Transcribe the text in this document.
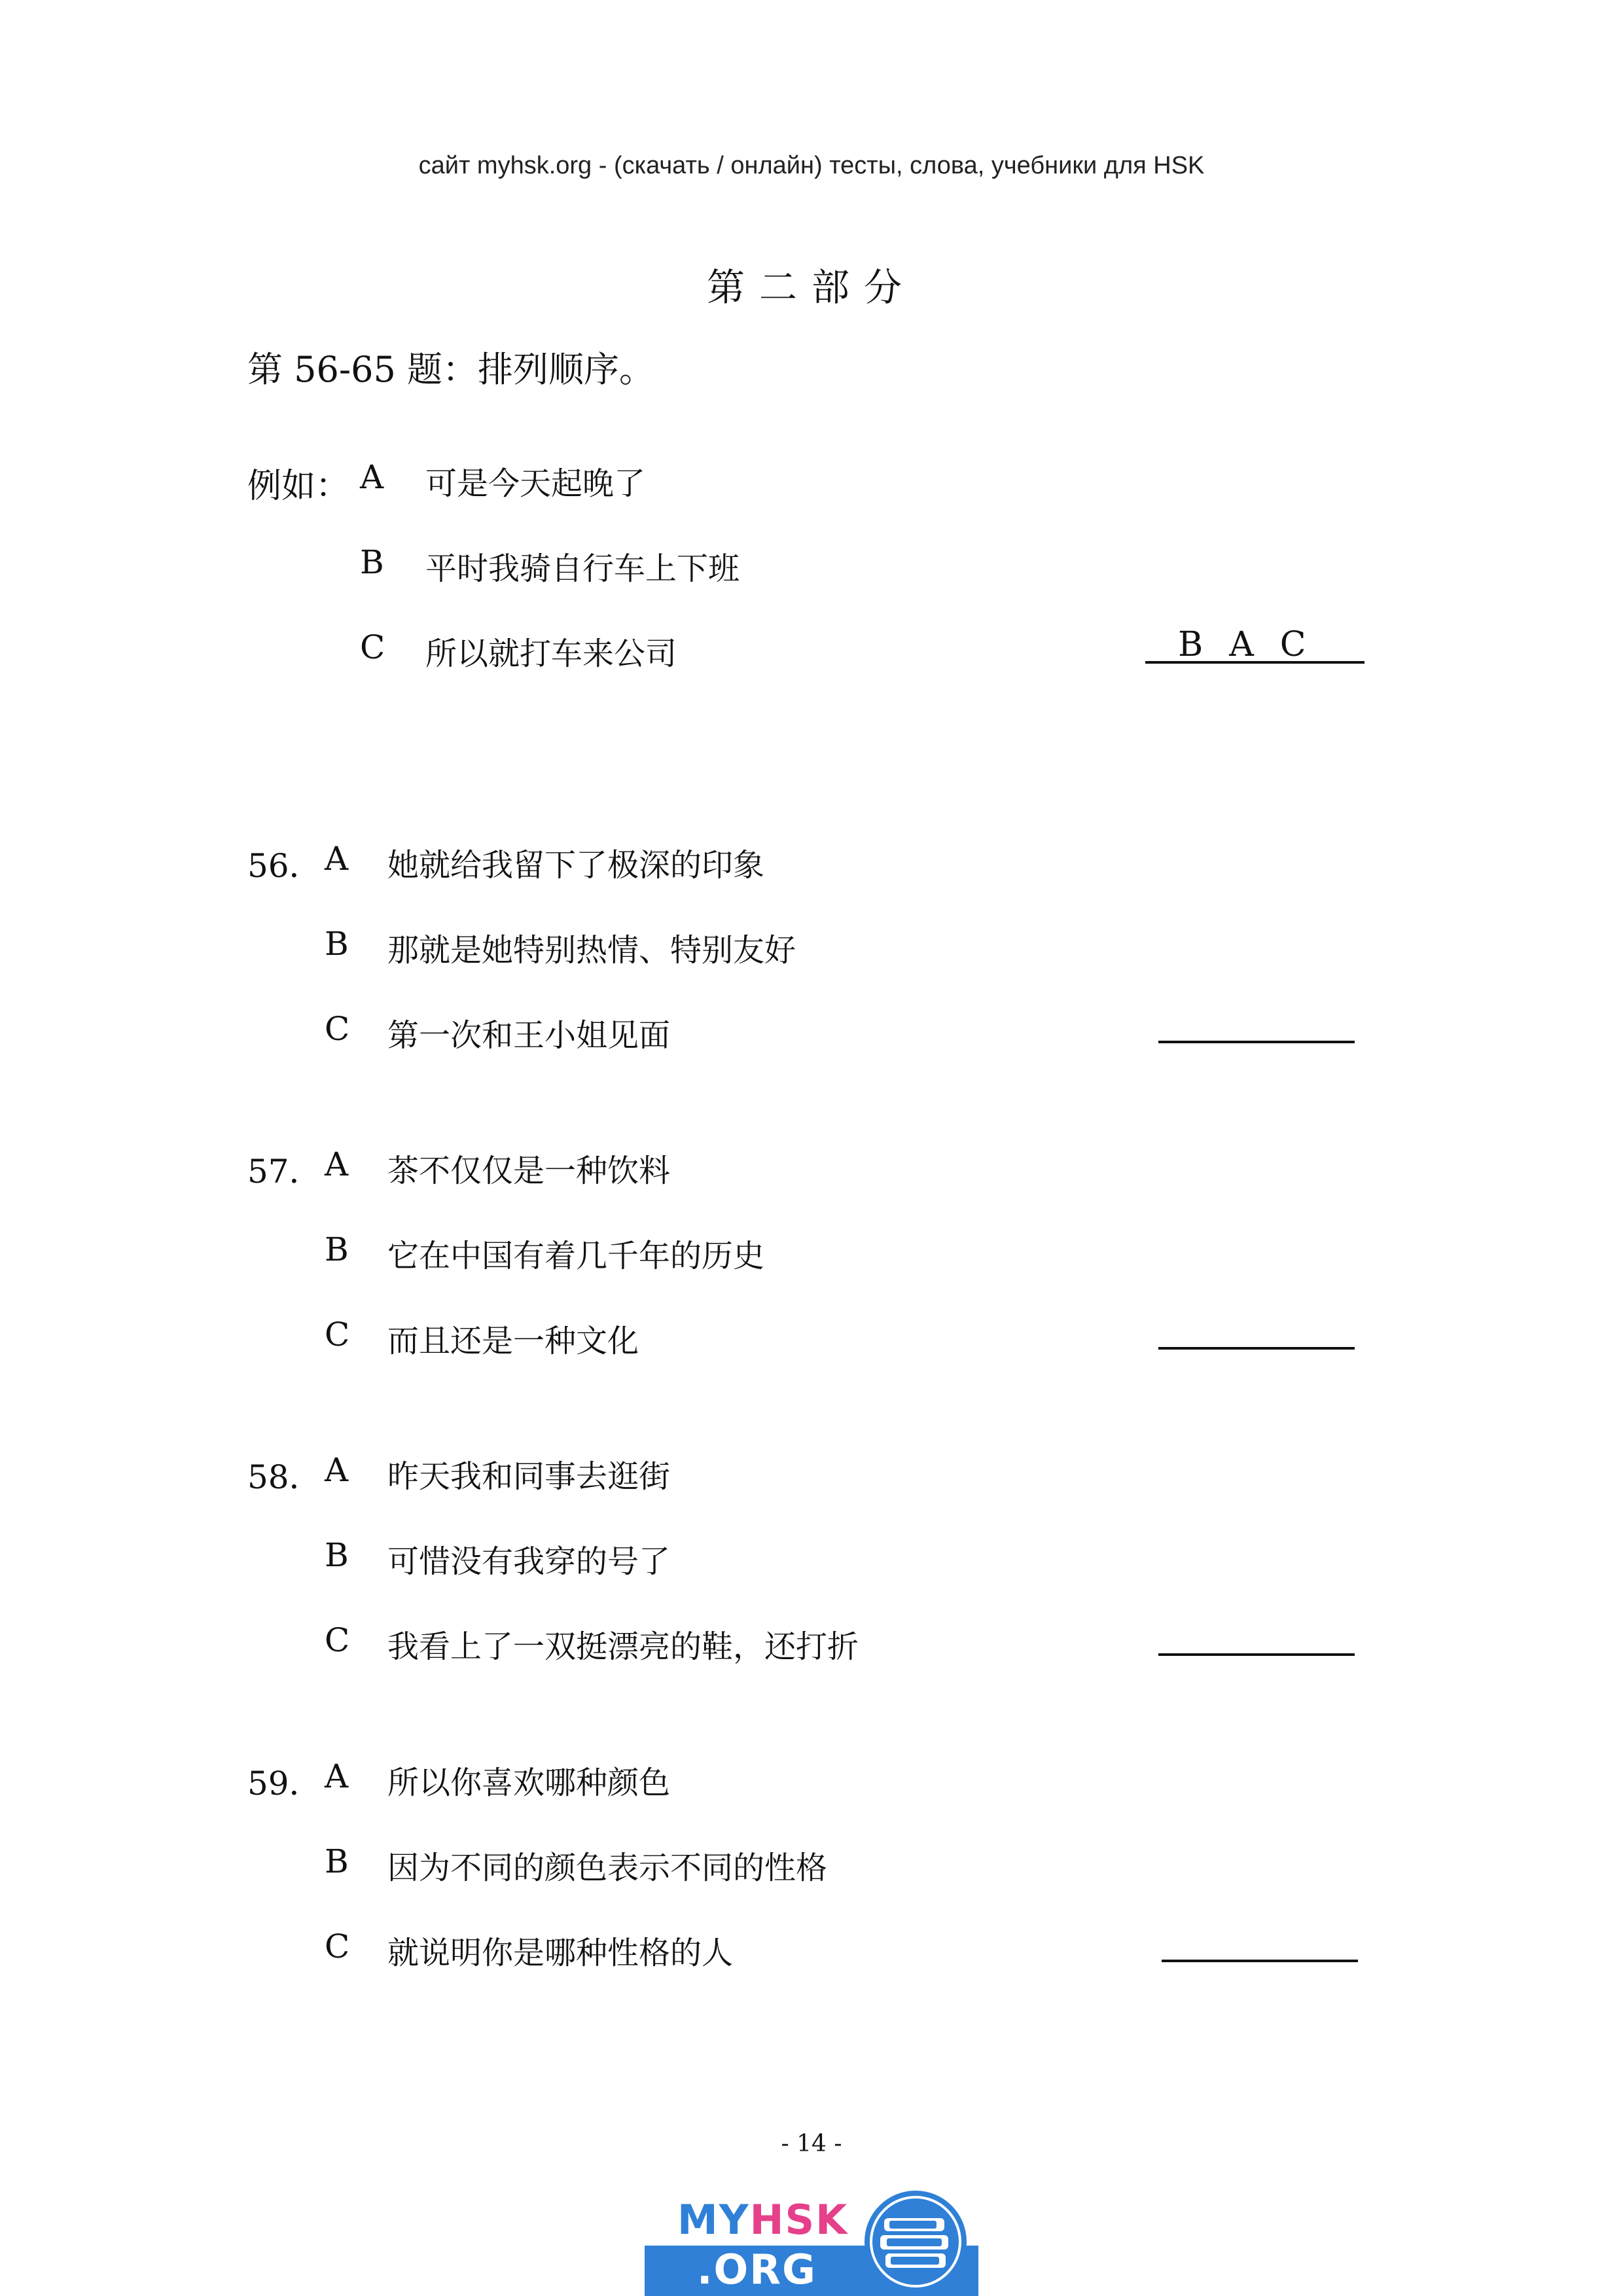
сайт myhsk.org - (скачать / онлайн) тесты, слова, учебники для HSK
第二部分
第 56-65 题：排列顺序。
例如： A 可是今天起晚了
B 平时我骑自行车上下班
C 所以就打车来公司	BAC
56． A 她就给我留下了极深的印象
B 那就是她特别热情、特别友好
C 第一次和王小姐见面
57． A 茶不仅仅是一种饮料
B 它在中国有着几千年的历史
C 而且还是一种文化
58． A 昨天我和同事去逛街
B 可惜没有我穿的号了
C 我看上了一双挺漂亮的鞋，还打折
59． A 所以你喜欢哪种颜色
B 因为不同的颜色表示不同的性格
C 就说明你是哪种性格的人
- 14 -
MYHSK
.ORG
